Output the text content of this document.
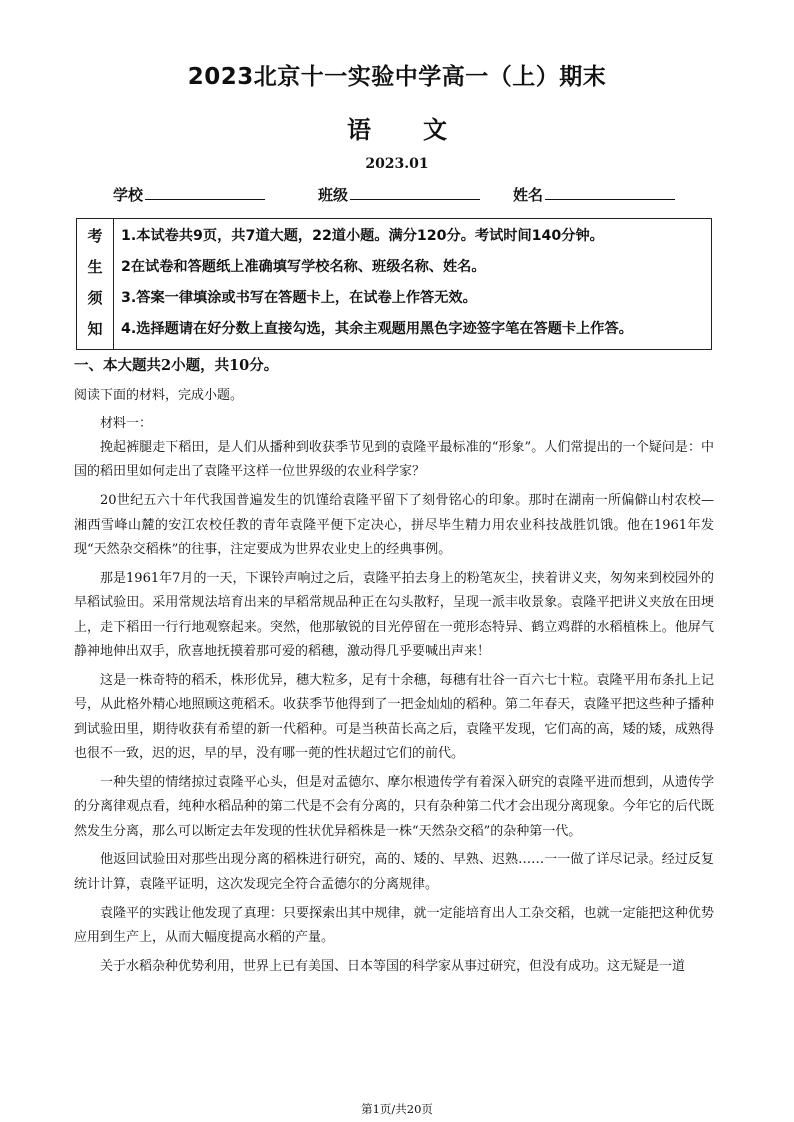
2023北京十一实验中学高一（上）期末
语 文
2023.01
学校	班级	姓名
考
生
须
知
1.本试卷共9页，共7道大题，22道小题。满分120分。考试时间140分钟。
2在试卷和答题纸上准确填写学校名称、班级名称、姓名。
3.答案一律填涂或书写在答题卡上，在试卷上作答无效。
4.选择题请在好分数上直接勾选，其余主观题用黑色字迹签字笔在答题卡上作答。
一、本大题共2小题，共10分。
阅读下面的材料，完成小题。
材料一：

挽起裤腿走下稻田，是人们从播种到收获季节见到的袁隆平最标准的“形象”。人们常提出的一个疑问是：中国的稻田里如何走出了袁隆平这样一位世界级的农业科学家？

20世纪五六十年代我国普遍发生的饥馑给袁隆平留下了刻骨铭心的印象。那时在湖南一所偏僻山村农校—湘西雪峰山麓的安江农校任教的青年袁隆平便下定决心，拼尽毕生精力用农业科技战胜饥饿。他在1961年发现“天然杂交稻株”的往事，注定要成为世界农业史上的经典事例。

那是1961年7月的一天，下课铃声响过之后，袁隆平拍去身上的粉笔灰尘，挟着讲义夹，匆匆来到校园外的早稻试验田。采用常规法培育出来的早稻常规品种正在勾头散籽，呈现一派丰收景象。袁隆平把讲义夹放在田埂上，走下稻田一行行地观察起来。突然，他那敏锐的目光停留在一蔸形态特异、鹤立鸡群的水稻植株上。他屏气静神地伸出双手，欣喜地抚摸着那可爱的稻穗，激动得几乎要喊出声来！

这是一株奇特的稻禾，株形优异，穗大粒多，足有十余穗，每穗有壮谷一百六七十粒。袁隆平用布条扎上记号，从此格外精心地照顾这蔸稻禾。收获季节他得到了一把金灿灿的稻种。第二年春天，袁隆平把这些种子播种到试验田里，期待收获有希望的新一代稻种。可是当秧苗长高之后，袁隆平发现，它们高的高，矮的矮，成熟得也很不一致，迟的迟，早的早，没有哪一蔸的性状超过它们的前代。

一种失望的情绪掠过袁隆平心头，但是对孟德尔、摩尔根遗传学有着深入研究的袁隆平进而想到，从遗传学的分离律观点看，纯种水稻品种的第二代是不会有分离的，只有杂种第二代才会出现分离现象。今年它的后代既然发生分离，那么可以断定去年发现的性状优异稻株是一株“天然杂交稻”的杂种第一代。

他返回试验田对那些出现分离的稻株进行研究，高的、矮的、早熟、迟熟……一一做了详尽记录。经过反复统计计算，袁隆平证明，这次发现完全符合孟德尔的分离规律。

袁隆平的实践让他发现了真理：只要探索出其中规律，就一定能培育出人工杂交稻，也就一定能把这种优势应用到生产上，从而大幅度提高水稻的产量。

关于水稻杂种优势利用，世界上已有美国、日本等国的科学家从事过研究，但没有成功。这无疑是一道

第1页/共20页
